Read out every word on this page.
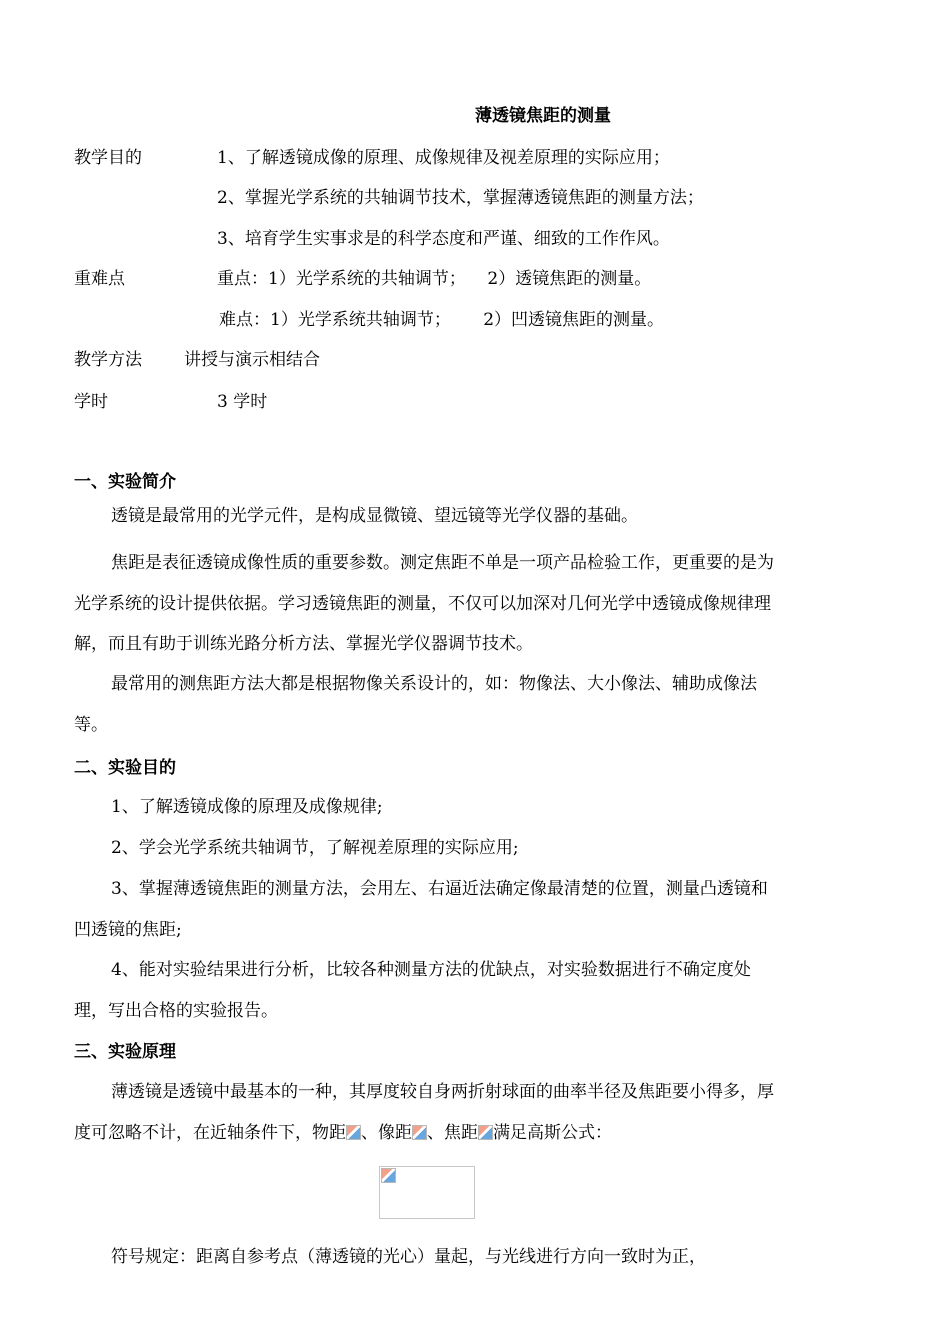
薄透镜焦距的测量
教学目的	1、了解透镜成像的原理、成像规律及视差原理的实际应用；
2、掌握光学系统的共轴调节技术，掌握薄透镜焦距的测量方法；
3、培育学生实事求是的科学态度和严谨、细致的工作作风。
重难点	重点：1）光学系统的共轴调节；    2）透镜焦距的测量。
难点：1）光学系统共轴调节；      2）凹透镜焦距的测量。
教学方法 讲授与演示相结合
学时	3 学时
一、实验简介
透镜是最常用的光学元件，是构成显微镜、望远镜等光学仪器的基础。
焦距是表征透镜成像性质的重要参数。测定焦距不单是一项产品检验工作，更重要的是为光学系统的设计提供依据。学习透镜焦距的测量，不仅可以加深对几何光学中透镜成像规律理解，而且有助于训练光路分析方法、掌握光学仪器调节技术。
最常用的测焦距方法大都是根据物像关系设计的，如：物像法、大小像法、辅助成像法等。
二、实验目的
1、了解透镜成像的原理及成像规律;
2、学会光学系统共轴调节，了解视差原理的实际应用;
3、掌握薄透镜焦距的测量方法，会用左、右逼近法确定像最清楚的位置，测量凸透镜和凹透镜的焦距;
4、能对实验结果进行分析，比较各种测量方法的优缺点，对实验数据进行不确定度处理，写出合格的实验报告。
三、实验原理
薄透镜是透镜中最基本的一种，其厚度较自身两折射球面的曲率半径及焦距要小得多，厚度可忽略不计，在近轴条件下，物距 、像距 、焦距 满足高斯公式：
符号规定：距离自参考点（薄透镜的光心）量起，与光线进行方向一致时为正，
